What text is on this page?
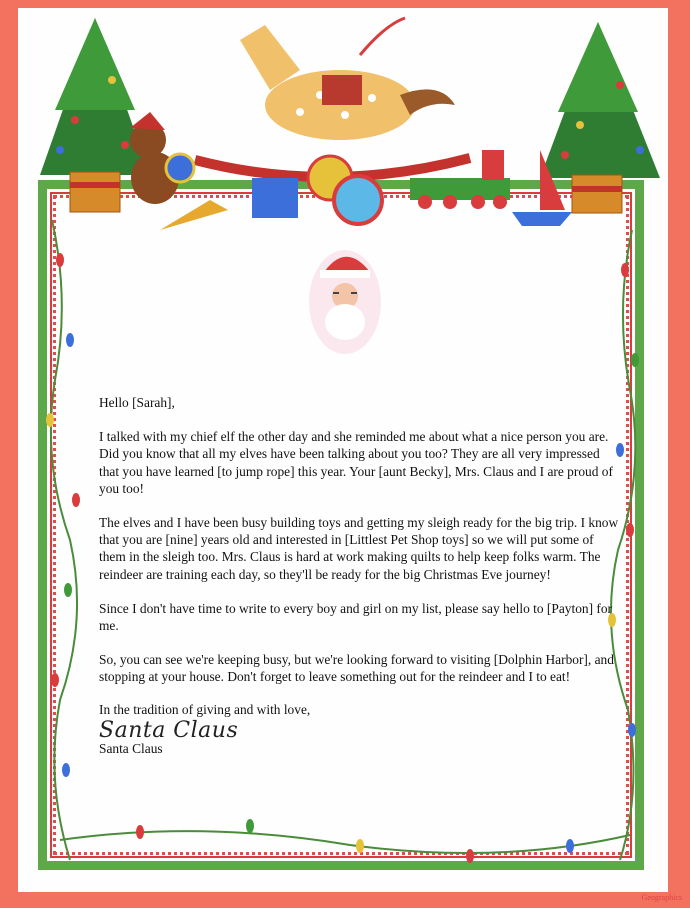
Hello [Sarah],

I talked with my chief elf the other day and she reminded me about what a nice person you are. Did you know that all my elves have been talking about you too? They are all very impressed that you have learned [to jump rope] this year. Your [aunt Becky], Mrs. Claus and I are proud of you too!

The elves and I have been busy building toys and getting my sleigh ready for the big trip. I know that you are [nine] years old and interested in [Littlest Pet Shop toys] so we will put some of them in the sleigh too. Mrs. Claus is hard at work making quilts to help keep folks warm. The reindeer are training each day, so they'll be ready for the big Christmas Eve journey!

Since I don't have time to write to every boy and girl on my list, please say hello to [Payton] for me.

So, you can see we're keeping busy, but we're looking forward to visiting [Dolphin Harbor], and stopping at your house. Don't forget to leave something out for the reindeer and I to eat!

In the tradition of giving and with love,
Santa Claus
Santa Claus
Geographics
